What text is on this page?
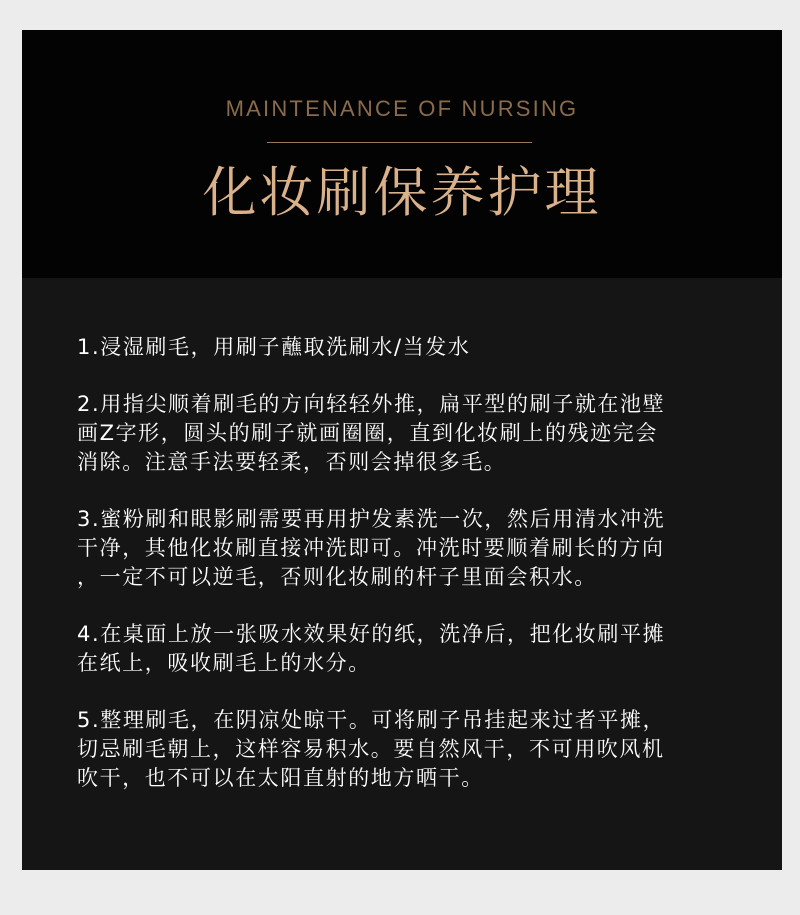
MAINTENANCE OF NURSING
化妆刷保养护理

1.浸湿刷毛，用刷子蘸取洗刷水/当发水

2.用指尖顺着刷毛的方向轻轻外推，扁平型的刷子就在池壁
画Z字形，圆头的刷子就画圈圈，直到化妆刷上的残迹完会
消除。注意手法要轻柔，否则会掉很多毛。

3.蜜粉刷和眼影刷需要再用护发素洗一次，然后用清水冲洗
干净，其他化妆刷直接冲洗即可。冲洗时要顺着刷长的方向
，一定不可以逆毛，否则化妆刷的杆子里面会积水。

4.在桌面上放一张吸水效果好的纸，洗净后，把化妆刷平摊
在纸上，吸收刷毛上的水分。

5.整理刷毛，在阴凉处晾干。可将刷子吊挂起来过者平摊，
切忌刷毛朝上，这样容易积水。要自然风干，不可用吹风机
吹干，也不可以在太阳直射的地方晒干。
